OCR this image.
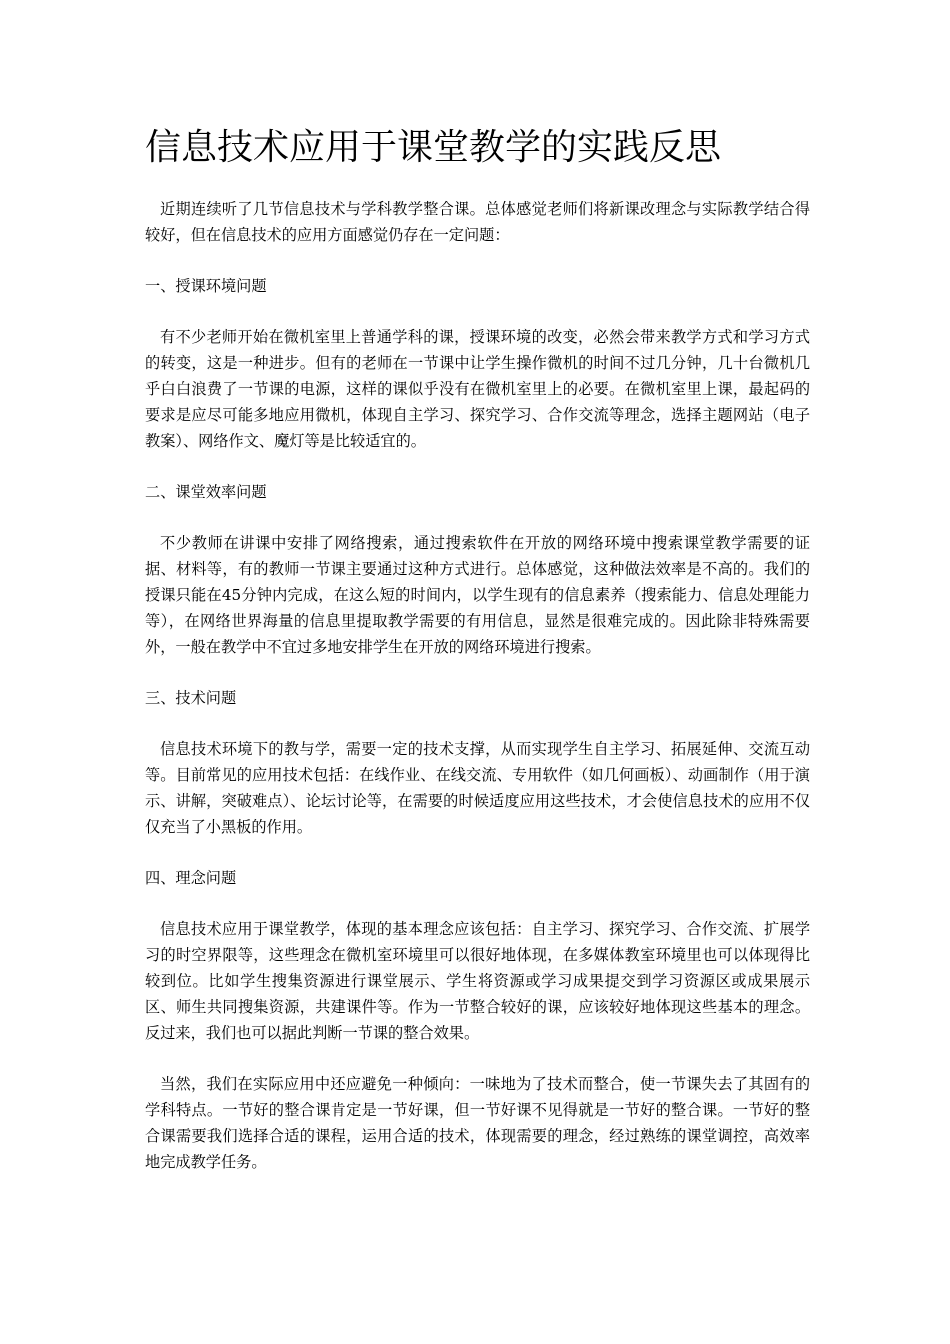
信息技术应用于课堂教学的实践反思

近期连续听了几节信息技术与学科教学整合课。总体感觉老师们将新课改理念与实际教学结合得较好，但在信息技术的应用方面感觉仍存在一定问题：

一、授课环境问题

有不少老师开始在微机室里上普通学科的课，授课环境的改变，必然会带来教学方式和学习方式的转变，这是一种进步。但有的老师在一节课中让学生操作微机的时间不过几分钟，几十台微机几乎白白浪费了一节课的电源，这样的课似乎没有在微机室里上的必要。在微机室里上课，最起码的要求是应尽可能多地应用微机，体现自主学习、探究学习、合作交流等理念，选择主题网站（电子教案）、网络作文、魔灯等是比较适宜的。

二、课堂效率问题

不少教师在讲课中安排了网络搜索，通过搜索软件在开放的网络环境中搜索课堂教学需要的证据、材料等，有的教师一节课主要通过这种方式进行。总体感觉，这种做法效率是不高的。我们的授课只能在45分钟内完成，在这么短的时间内，以学生现有的信息素养（搜索能力、信息处理能力等），在网络世界海量的信息里提取教学需要的有用信息，显然是很难完成的。因此除非特殊需要外，一般在教学中不宜过多地安排学生在开放的网络环境进行搜索。

三、技术问题

信息技术环境下的教与学，需要一定的技术支撑，从而实现学生自主学习、拓展延伸、交流互动等。目前常见的应用技术包括：在线作业、在线交流、专用软件（如几何画板）、动画制作（用于演示、讲解，突破难点）、论坛讨论等，在需要的时候适度应用这些技术，才会使信息技术的应用不仅仅充当了小黑板的作用。

四、理念问题

信息技术应用于课堂教学，体现的基本理念应该包括：自主学习、探究学习、合作交流、扩展学习的时空界限等，这些理念在微机室环境里可以很好地体现，在多媒体教室环境里也可以体现得比较到位。比如学生搜集资源进行课堂展示、学生将资源或学习成果提交到学习资源区或成果展示区、师生共同搜集资源，共建课件等。作为一节整合较好的课，应该较好地体现这些基本的理念。反过来，我们也可以据此判断一节课的整合效果。

当然，我们在实际应用中还应避免一种倾向：一味地为了技术而整合，使一节课失去了其固有的学科特点。一节好的整合课肯定是一节好课，但一节好课不见得就是一节好的整合课。一节好的整合课需要我们选择合适的课程，运用合适的技术，体现需要的理念，经过熟练的课堂调控，高效率地完成教学任务。
